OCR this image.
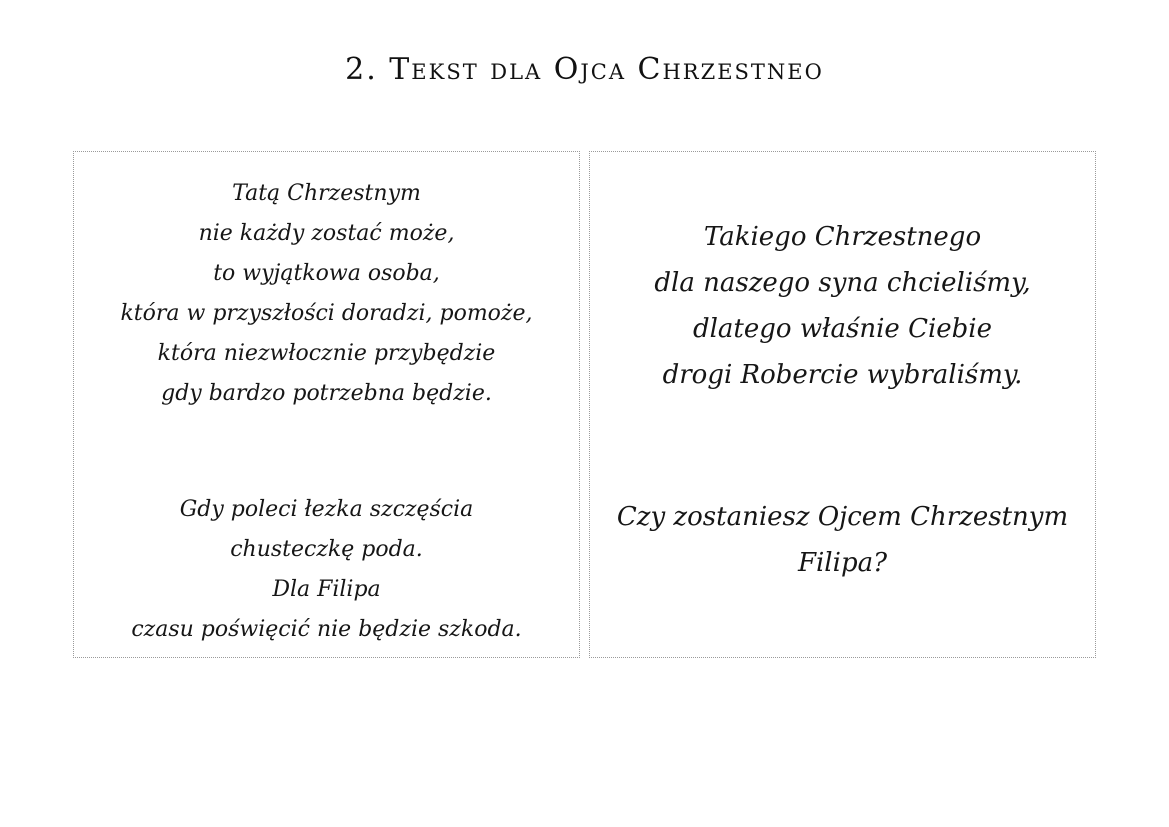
2. Tekst dla Ojca Chrzestneo
Tatą Chrzestnym
nie każdy zostać może,
to wyjątkowa osoba,
która w przyszłości doradzi, pomoże,
która niezwłocznie przybędzie
gdy bardzo potrzebna będzie.
Gdy poleci łezka szczęścia
chusteczkę poda.
Dla Filipa
czasu poświęcić nie będzie szkoda.
Takiego Chrzestnego
dla naszego syna chcieliśmy,
dlatego właśnie Ciebie
drogi Robercie wybraliśmy.
Czy zostaniesz Ojcem Chrzestnym
Filipa?
